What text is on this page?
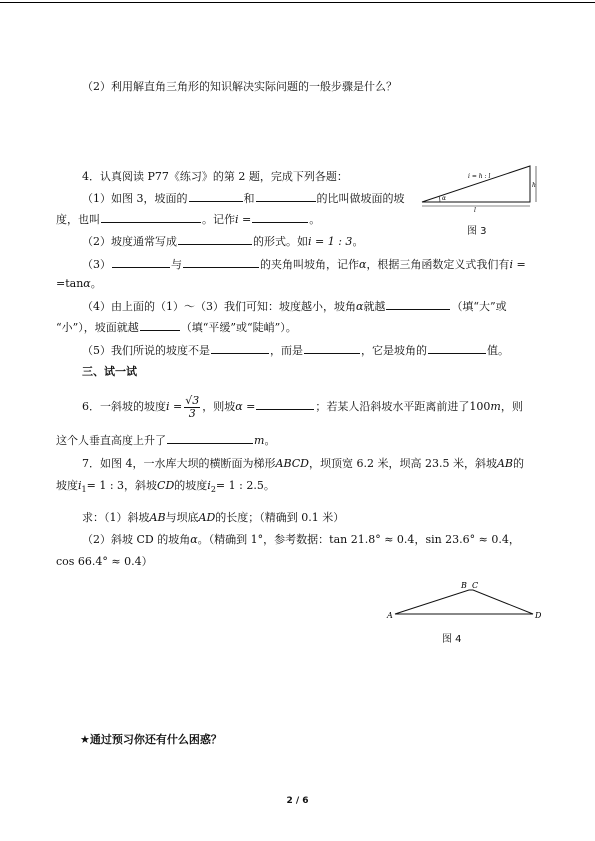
（2）利用解直角三角形的知识解决实际问题的一般步骤是什么？
4．认真阅读 P77《练习》的第 2 题，完成下列各题：
（1）如图 3，坡面的	和	的比叫做坡面的坡
度，也叫	。记作i =	。
（2）坡度通常写成	的形式。如i = 1 : 3。
（3）	与	的夹角叫坡角，记作α，根据三角函数定义式我们有i =
=tanα。
（4）由上面的（1）～（3）我们可知：坡度越小，坡角α就越	（填“大”或
“小”），坡面就越	（填“平缓”或“陡峭”）。
（5）我们所说的坡度不是	，而是	，它是坡角的	值。
三、试一试
6．一斜坡的坡度$i = \frac{√3}{3}$ ，则坡α =	；若某人沿斜坡水平距离前进了100m，则
这个人垂直高度上升了	m。
7．如图 4，一水库大坝的横断面为梯形ABCD，坝顶宽 6.2 米，坝高 23.5 米，斜坡AB的
坡度$i_1= 1$ : 3，斜坡CD的坡度$i_2= 1$ : 2.5。
求：（1）斜坡AB与坝底AD的长度；（精确到 0.1 米）
（2）斜坡 CD 的坡角α。（精确到 1°，参考数据：tan 21.8° ≈ 0.4，sin 23.6° ≈ 0.4，
cos 66.4° ≈ 0.4）
i = h : l
h
l
α
图 3
A
B C
D
图 4
★通过预习你还有什么困惑？
2 / 6
